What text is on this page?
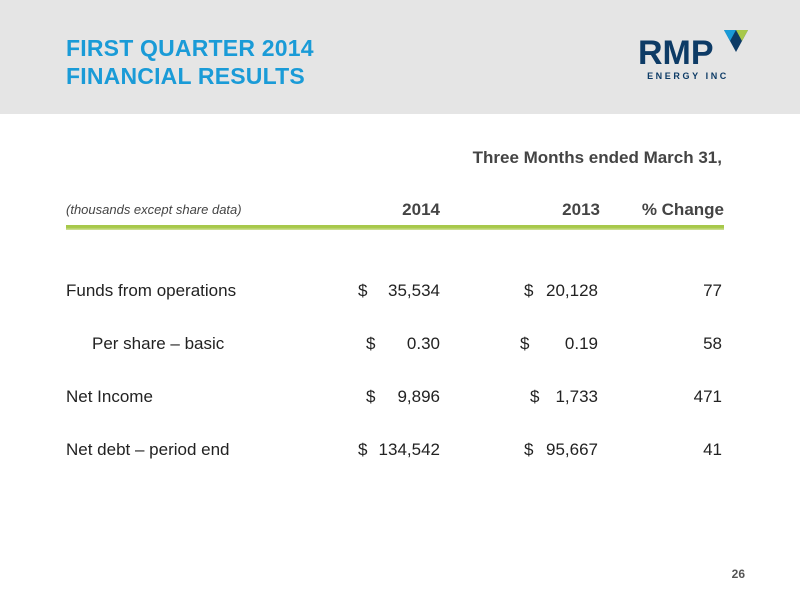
FIRST QUARTER 2014
FINANCIAL RESULTS
RMP
ENERGY INC
Three Months ended March 31,
(thousands except share data)	2014	2013	% Change
Funds from operations	$	35,534	$ 20,128	77
Per share – basic	$	0.30	$	0.19	58
Net Income	$	9,896	$ 1,733	471
Net debt – period end	$ 134,542	$ 95,667	41
26
